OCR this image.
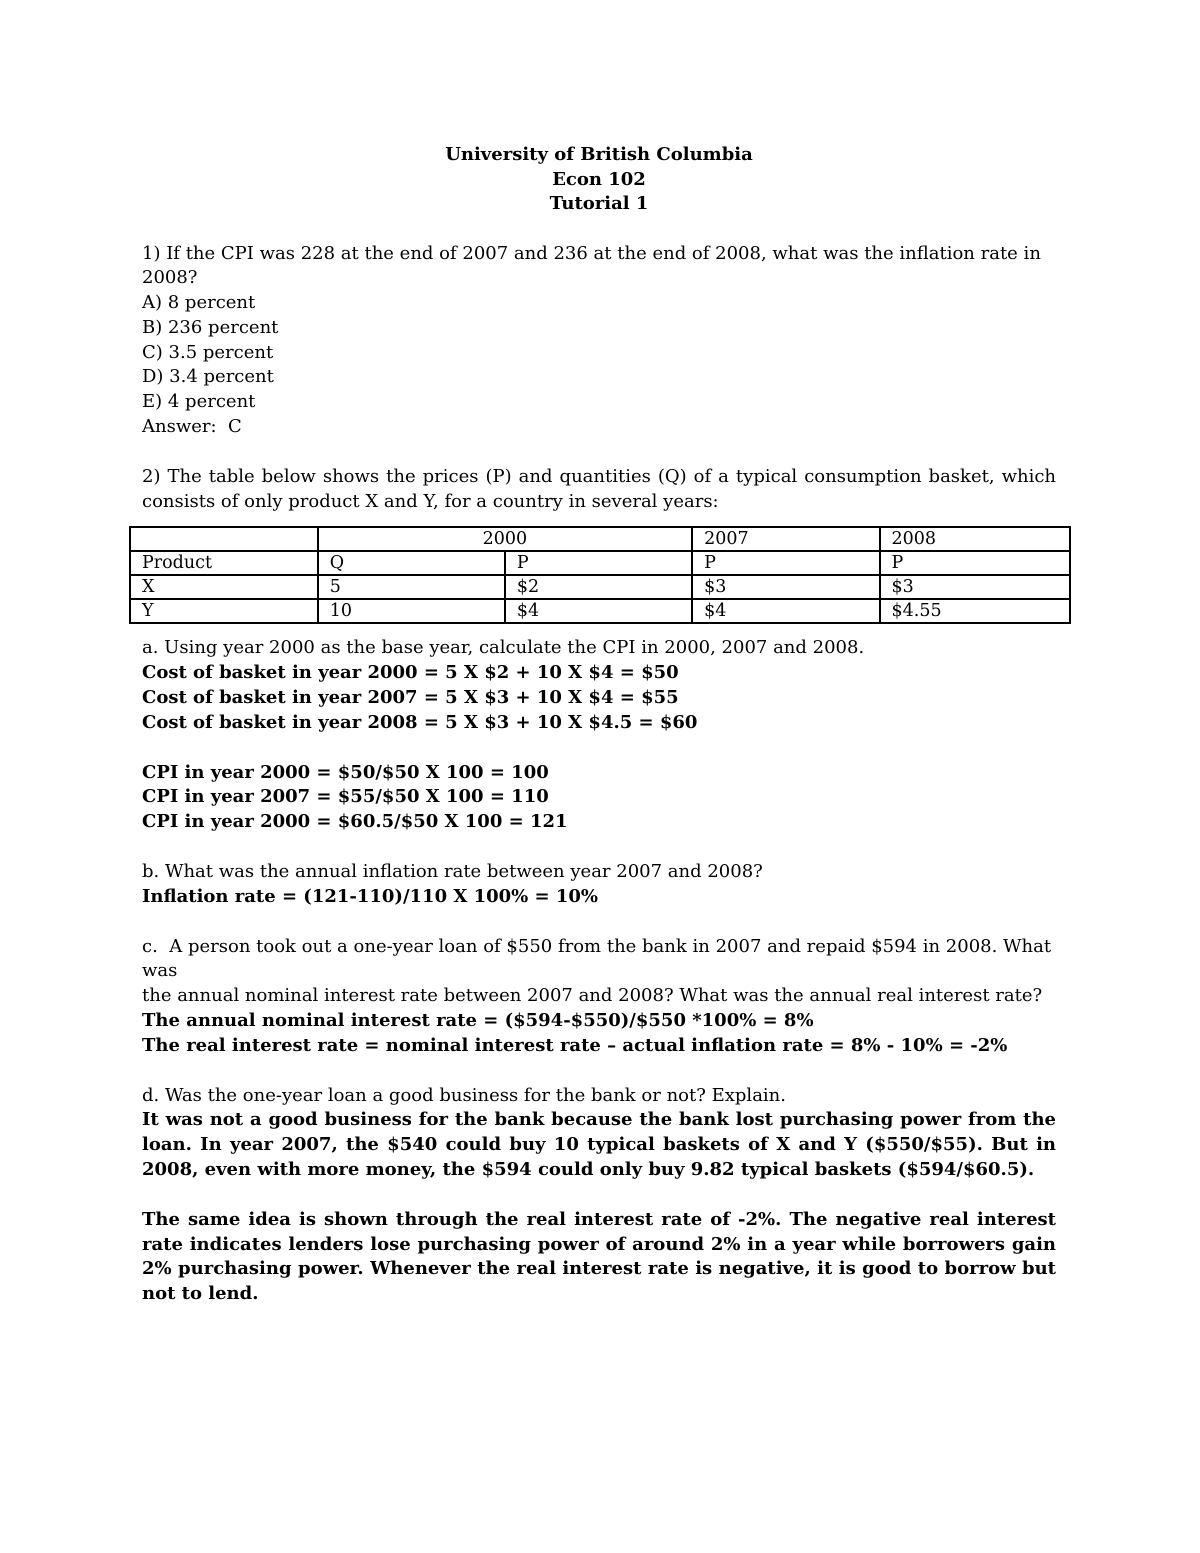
University of British Columbia
Econ 102
Tutorial 1
1) If the CPI was 228 at the end of 2007 and 236 at the end of 2008, what was the inflation rate in 2008?
A) 8 percent
B) 236 percent
C) 3.5 percent
D) 3.4 percent
E) 4 percent
Answer:  C
2) The table below shows the prices (P) and quantities (Q) of a typical consumption basket, which consists of only product X and Y, for a country in several years:
	2000		2007	2008
Product	Q	P	P	P
X	5	$2	$3	$3
Y	10	$4	$4	$4.55
a. Using year 2000 as the base year, calculate the CPI in 2000, 2007 and 2008.
Cost of basket in year 2000 = 5 X $2 + 10 X $4 = $50
Cost of basket in year 2007 = 5 X $3 + 10 X $4 = $55
Cost of basket in year 2008 = 5 X $3 + 10 X $4.5 = $60
CPI in year 2000 = $50/$50 X 100 = 100
CPI in year 2007 = $55/$50 X 100 = 110
CPI in year 2000 = $60.5/$50 X 100 = 121
b. What was the annual inflation rate between year 2007 and 2008?
Inflation rate = (121-110)/110 X 100% = 10%
c.  A person took out a one-year loan of $550 from the bank in 2007 and repaid $594 in 2008. What was
the annual nominal interest rate between 2007 and 2008? What was the annual real interest rate?
The annual nominal interest rate = ($594-$550)/$550 *100% = 8%
The real interest rate = nominal interest rate – actual inflation rate = 8% - 10% = -2%
d. Was the one-year loan a good business for the bank or not? Explain.
It was not a good business for the bank because the bank lost purchasing power from the loan. In year 2007, the $540 could buy 10 typical baskets of X and Y ($550/$55). But in 2008, even with more money, the $594 could only buy 9.82 typical baskets ($594/$60.5).
The same idea is shown through the real interest rate of -2%. The negative real interest rate indicates lenders lose purchasing power of around 2% in a year while borrowers gain 2% purchasing power. Whenever the real interest rate is negative, it is good to borrow but not to lend.
